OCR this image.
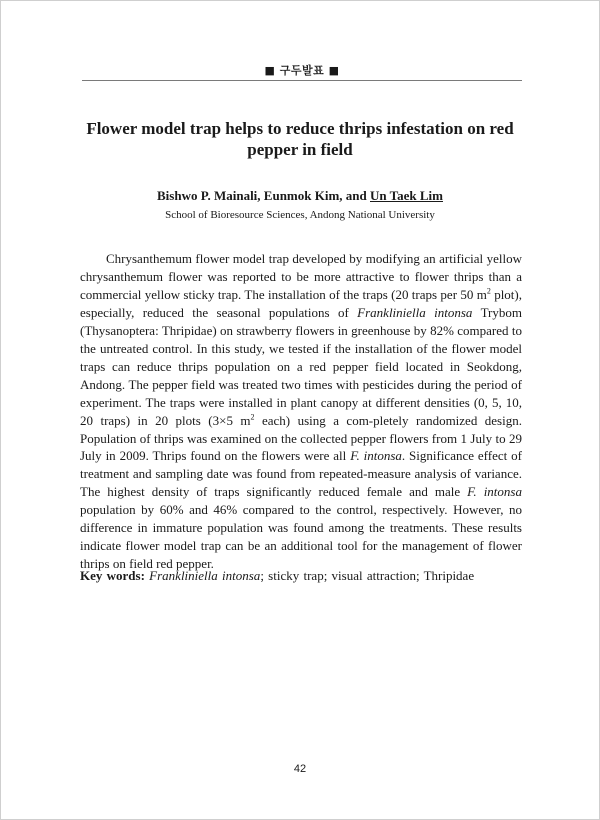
■ 구두발표 ■
Flower model trap helps to reduce thrips infestation on red pepper in field
Bishwo P. Mainali, Eunmok Kim, and Un Taek Lim
School of Bioresource Sciences, Andong National University
Chrysanthemum flower model trap developed by modifying an artificial yellow chrysanthemum flower was reported to be more attractive to flower thrips than a commercial yellow sticky trap. The installation of the traps (20 traps per 50 $m^2$ plot), especially, reduced the seasonal populations of Frankliniella intonsa Trybom (Thysanoptera: Thripidae) on strawberry flowers in greenhouse by 82% compared to the untreated control. In this study, we tested if the installation of the flower model traps can reduce thrips population on a red pepper field located in Seokdong, Andong. The pepper field was treated two times with pesticides during the period of experiment. The traps were installed in plant canopy at different densities (0, 5, 10, 20 traps) in 20 plots (3×5 $m^2$ each) using a com-pletely randomized design. Population of thrips was examined on the collected pepper flowers from 1 July to 29 July in 2009. Thrips found on the flowers were all F. intonsa. Significance effect of treatment and sampling date was found from repeated-measure analysis of variance. The highest density of traps significantly reduced female and male F. intonsa population by 60% and 46% compared to the control, respectively. However, no difference in immature population was found among the treatments. These results indicate flower model trap can be an additional tool for the management of flower thrips on field red pepper.
Key words: Frankliniella intonsa; sticky trap; visual attraction; Thripidae
42
